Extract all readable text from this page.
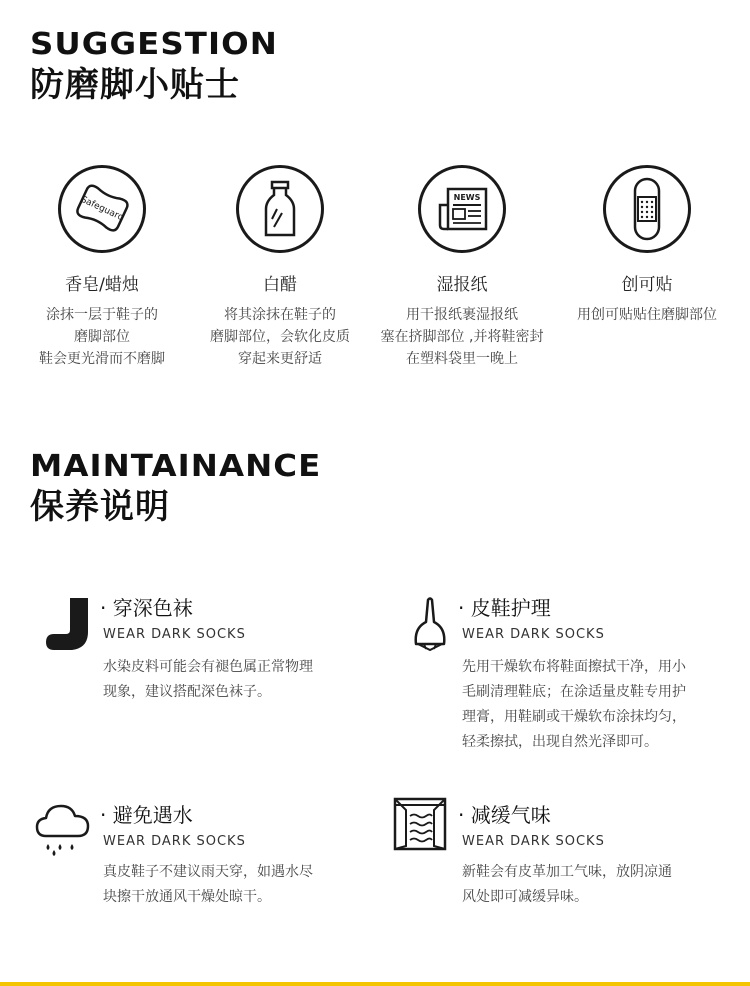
SUGGESTION
防磨脚小贴士
Safeguard
香皂/蜡烛
涂抹一层于鞋子的
磨脚部位
鞋会更光滑而不磨脚
白醋
将其涂抹在鞋子的
磨脚部位，会软化皮质
穿起来更舒适
NEWS
湿报纸
用干报纸裹湿报纸
塞在挤脚部位 ,并将鞋密封
在塑料袋里一晚上
创可贴
用创可贴贴住磨脚部位
MAINTAINANCE
保养说明
· 穿深色袜
WEAR DARK SOCKS
水染皮料可能会有褪色属正常物理
现象，建议搭配深色袜子。
· 皮鞋护理
WEAR DARK SOCKS
先用干燥软布将鞋面擦拭干净，用小
毛刷清理鞋底；在涂适量皮鞋专用护
理膏，用鞋刷或干燥软布涂抹均匀，
轻柔擦拭，出现自然光泽即可。
· 避免遇水
WEAR DARK SOCKS
真皮鞋子不建议雨天穿，如遇水尽
块擦干放通风干燥处晾干。
· 减缓气味
WEAR DARK SOCKS
新鞋会有皮革加工气味，放阴凉通
风处即可减缓异味。
